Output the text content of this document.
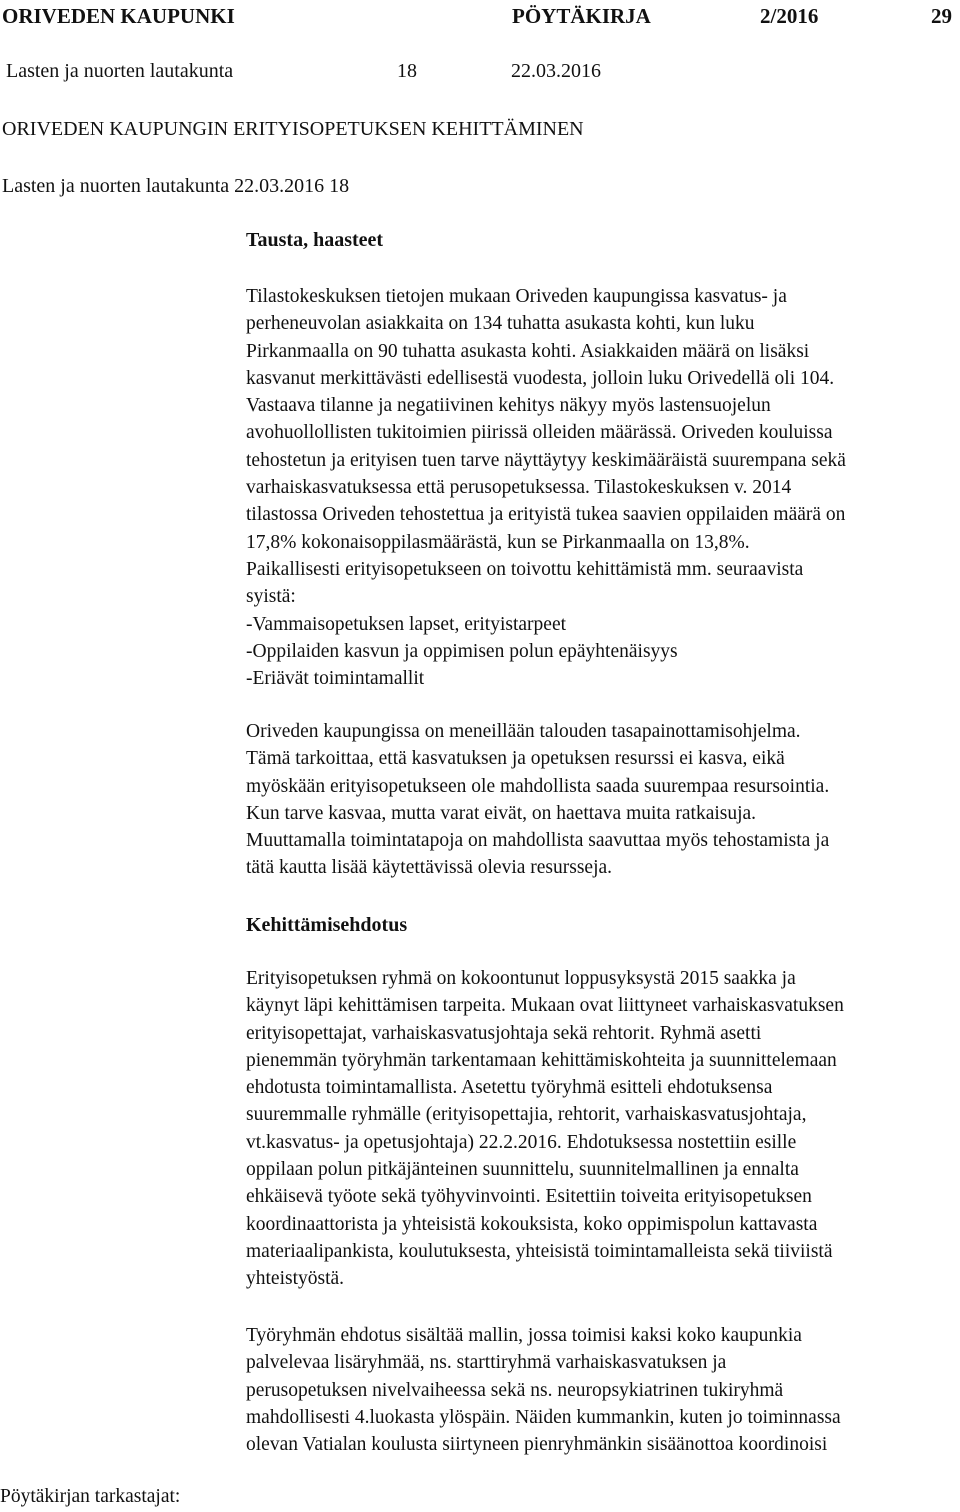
ORIVEDEN KAUPUNKI	PÖYTÄKIRJA	2/2016	29
Lasten ja nuorten lautakunta	18	22.03.2016
ORIVEDEN KAUPUNGIN ERITYISOPETUKSEN KEHITTÄMINEN
Lasten ja nuorten lautakunta 22.03.2016 18
Tausta, haasteet
Tilastokeskuksen tietojen mukaan Oriveden kaupungissa kasvatus- ja
perheneuvolan asiakkaita on 134 tuhatta asukasta kohti, kun luku
Pirkanmaalla on 90 tuhatta asukasta kohti. Asiakkaiden määrä on lisäksi
kasvanut merkittävästi edellisestä vuodesta, jolloin luku Orivedellä oli 104.
Vastaava tilanne ja negatiivinen kehitys näkyy myös lastensuojelun
avohuollollisten tukitoimien piirissä olleiden määrässä. Oriveden kouluissa
tehostetun ja erityisen tuen tarve näyttäytyy keskimääräistä suurempana sekä
varhaiskasvatuksessa että perusopetuksessa. Tilastokeskuksen v. 2014
tilastossa Oriveden tehostettua ja erityistä tukea saavien oppilaiden määrä on
17,8% kokonaisoppilasmäärästä, kun se Pirkanmaalla on 13,8%.
Paikallisesti erityisopetukseen on toivottu kehittämistä mm. seuraavista
syistä:
-Vammaisopetuksen lapset, erityistarpeet
-Oppilaiden kasvun ja oppimisen polun epäyhtenäisyys
-Eriävät toimintamallit
Oriveden kaupungissa on meneillään talouden tasapainottamisohjelma.
Tämä tarkoittaa, että kasvatuksen ja opetuksen resurssi ei kasva, eikä
myöskään erityisopetukseen ole mahdollista saada suurempaa resursointia.
Kun tarve kasvaa, mutta varat eivät, on haettava muita ratkaisuja.
Muuttamalla toimintatapoja on mahdollista saavuttaa myös tehostamista ja
tätä kautta lisää käytettävissä olevia resursseja.
Kehittämisehdotus
Erityisopetuksen ryhmä on kokoontunut loppusyksystä 2015 saakka ja
käynyt läpi kehittämisen tarpeita. Mukaan ovat liittyneet varhaiskasvatuksen
erityisopettajat, varhaiskasvatusjohtaja sekä rehtorit. Ryhmä asetti
pienemmän työryhmän tarkentamaan kehittämiskohteita ja suunnittelemaan
ehdotusta toimintamallista. Asetettu työryhmä esitteli ehdotuksensa
suuremmalle ryhmälle (erityisopettajia, rehtorit, varhaiskasvatusjohtaja,
vt.kasvatus- ja opetusjohtaja) 22.2.2016. Ehdotuksessa nostettiin esille
oppilaan polun pitkäjänteinen suunnittelu, suunnitelmallinen ja ennalta
ehkäisevä työote sekä työhyvinvointi. Esitettiin toiveita erityisopetuksen
koordinaattorista ja yhteisistä kokouksista, koko oppimispolun kattavasta
materiaalipankista, koulutuksesta, yhteisistä toimintamalleista sekä tiiviistä
yhteistyöstä.
Työryhmän ehdotus sisältää mallin, jossa toimisi kaksi koko kaupunkia
palvelevaa lisäryhmää, ns. starttiryhmä varhaiskasvatuksen ja
perusopetuksen nivelvaiheessa sekä ns. neuropsykiatrinen tukiryhmä
mahdollisesti 4.luokasta ylöspäin. Näiden kummankin, kuten jo toiminnassa
olevan Vatialan koulusta siirtyneen pienryhmänkin sisäänottoa koordinoisi
Pöytäkirjan tarkastajat:
